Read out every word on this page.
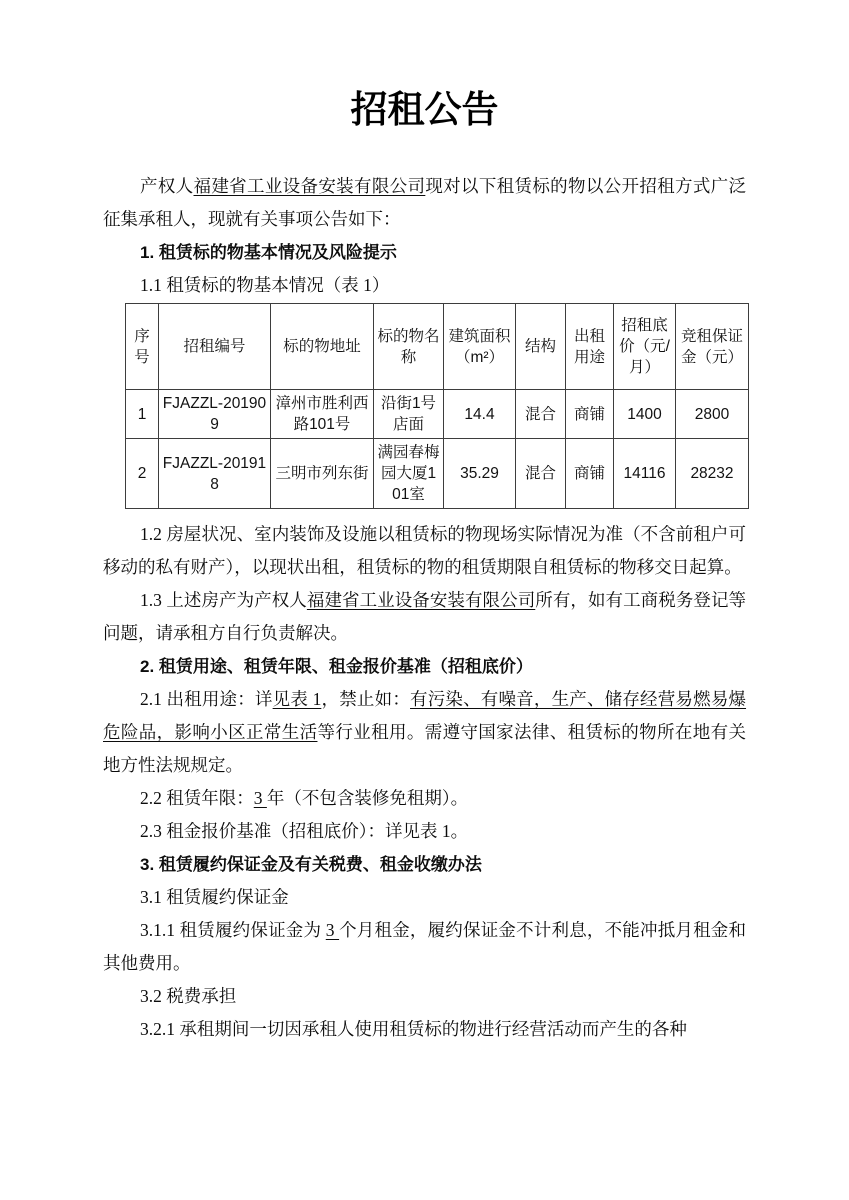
招租公告

产权人福建省工业设备安装有限公司现对以下租赁标的物以公开招租方式广泛征集承租人，现就有关事项公告如下：

1. 租赁标的物基本情况及风险提示

1.1 租赁标的物基本情况（表 1）

序号	招租编号	标的物地址	标的物名称	建筑面积（m²）	结构	出租用途	招租底价（元/月）	竞租保证金（元）
1	FJAZZL-201909	漳州市胜利西路101号	沿街1号店面	14.4	混合	商铺	1400	2800
2	FJAZZL-201918	三明市列东街	满园春梅园大厦101室	35.29	混合	商铺	14116	28232

1.2 房屋状况、室内装饰及设施以租赁标的物现场实际情况为准（不含前租户可移动的私有财产），以现状出租，租赁标的物的租赁期限自租赁标的物移交日起算。

1.3 上述房产为产权人福建省工业设备安装有限公司所有，如有工商税务登记等问题，请承租方自行负责解决。

2. 租赁用途、租赁年限、租金报价基准（招租底价）

2.1 出租用途：详见表 1，禁止如：有污染、有噪音，生产、储存经营易燃易爆危险品，影响小区正常生活等行业租用。需遵守国家法律、租赁标的物所在地有关地方性法规规定。

2.2 租赁年限：3 年（不包含装修免租期）。

2.3 租金报价基准（招租底价）：详见表 1。

3. 租赁履约保证金及有关税费、租金收缴办法

3.1 租赁履约保证金

3.1.1 租赁履约保证金为 3 个月租金，履约保证金不计利息，不能冲抵月租金和其他费用。

3.2 税费承担

3.2.1 承租期间一切因承租人使用租赁标的物进行经营活动而产生的各种
